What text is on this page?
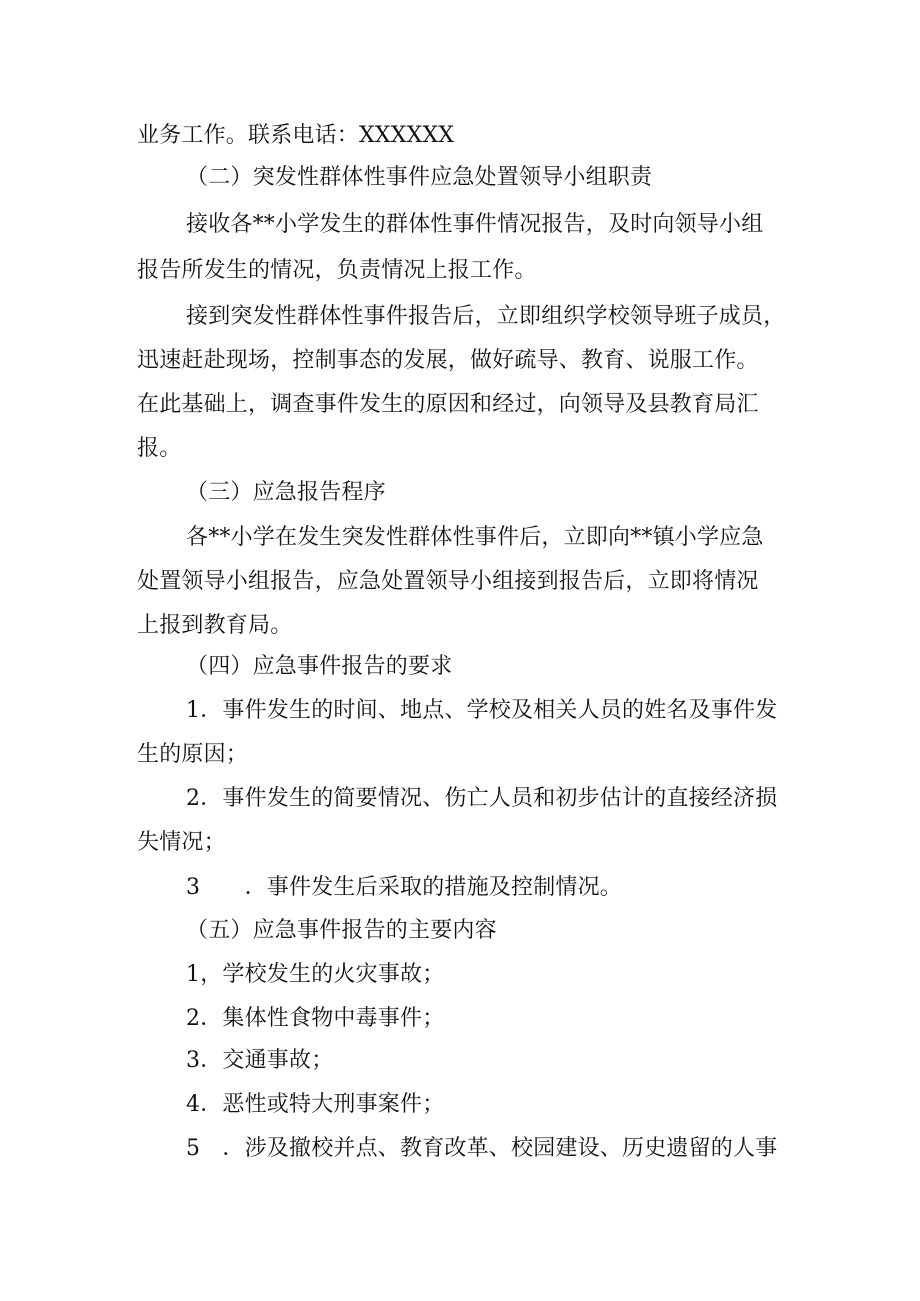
业务工作。联系电话：XXXXXX
（二）突发性群体性事件应急处置领导小组职责
接收各**小学发生的群体性事件情况报告，及时向领导小组
报告所发生的情况，负责情况上报工作。
接到突发性群体性事件报告后，立即组织学校领导班子成员，
迅速赶赴现场，控制事态的发展，做好疏导、教育、说服工作。
在此基础上，调查事件发生的原因和经过，向领导及县教育局汇
报。
（三）应急报告程序
各**小学在发生突发性群体性事件后，立即向**镇小学应急
处置领导小组报告，应急处置领导小组接到报告后，立即将情况
上报到教育局。
（四）应急事件报告的要求
1．事件发生的时间、地点、学校及相关人员的姓名及事件发
生的原因；
2．事件发生的简要情况、伤亡人员和初步估计的直接经济损
失情况；
3　　．事件发生后采取的措施及控制情况。
（五）应急事件报告的主要内容
1，学校发生的火灾事故；
2．集体性食物中毒事件；
3．交通事故；
4．恶性或特大刑事案件；
5　．涉及撤校并点、教育改革、校园建设、历史遗留的人事
